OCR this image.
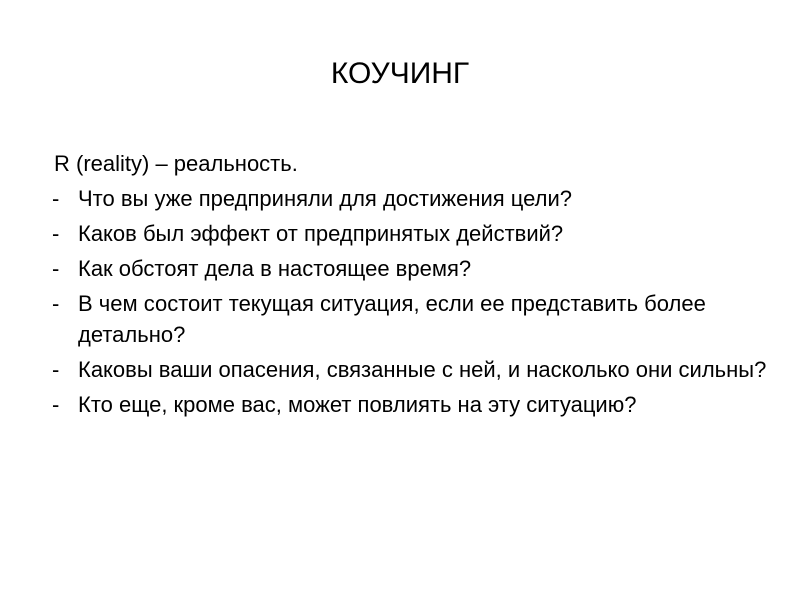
КОУЧИНГ
R (reality) – реальность.
- Что вы уже предприняли для достижения цели?
- Каков был эффект от предпринятых действий?
- Как обстоят дела в настоящее время?
- В чем состоит текущая ситуация, если ее представить более детально?
- Каковы ваши опасения, связанные с ней, и насколько они сильны?
- Кто еще, кроме вас, может повлиять на эту ситуацию?
